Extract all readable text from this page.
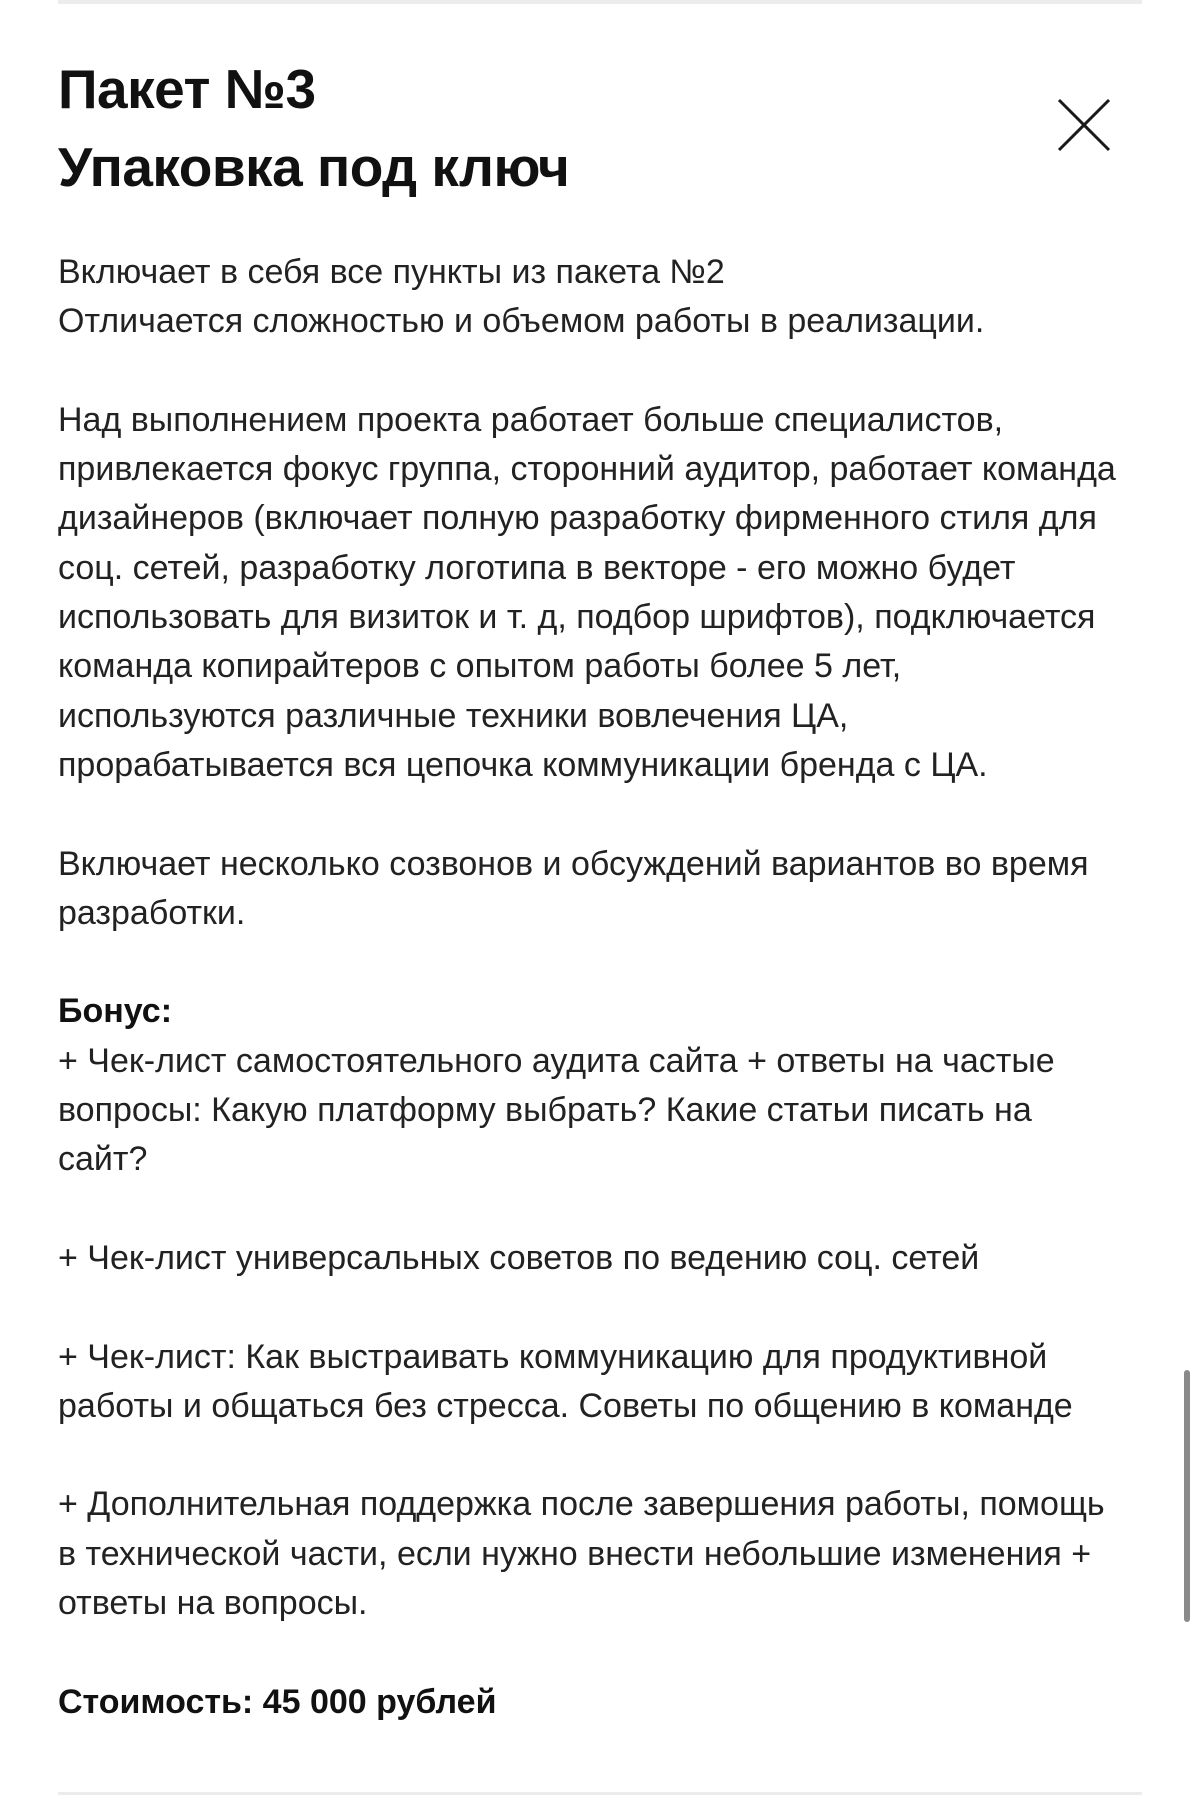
Пакет №3
Упаковка под ключ

Включает в себя все пункты из пакета №2

Отличается сложностью и объемом работы в реализации.

Над выполнением проекта работает больше специалистов,

привлекается фокус группа, сторонний аудитор, работает команда

дизайнеров (включает полную разработку фирменного стиля для

соц. сетей, разработку логотипа в векторе - его можно будет

использовать для визиток и т. д, подбор шрифтов), подключается

команда копирайтеров с опытом работы более 5 лет,

используются различные техники вовлечения ЦА,

прорабатывается вся цепочка коммуникации бренда с ЦА.

Включает несколько созвонов и обсуждений вариантов во время

разработки.

Бонус:

+ Чек-лист самостоятельного аудита сайта + ответы на частые

вопросы: Какую платформу выбрать? Какие статьи писать на

сайт?

+ Чек-лист универсальных советов по ведению соц. сетей

+ Чек-лист: Как выстраивать коммуникацию для продуктивной

работы и общаться без стресса. Советы по общению в команде

+ Дополнительная поддержка после завершения работы, помощь

в технической части, если нужно внести небольшие изменения +

ответы на вопросы.

Стоимость: 45 000 рублей
